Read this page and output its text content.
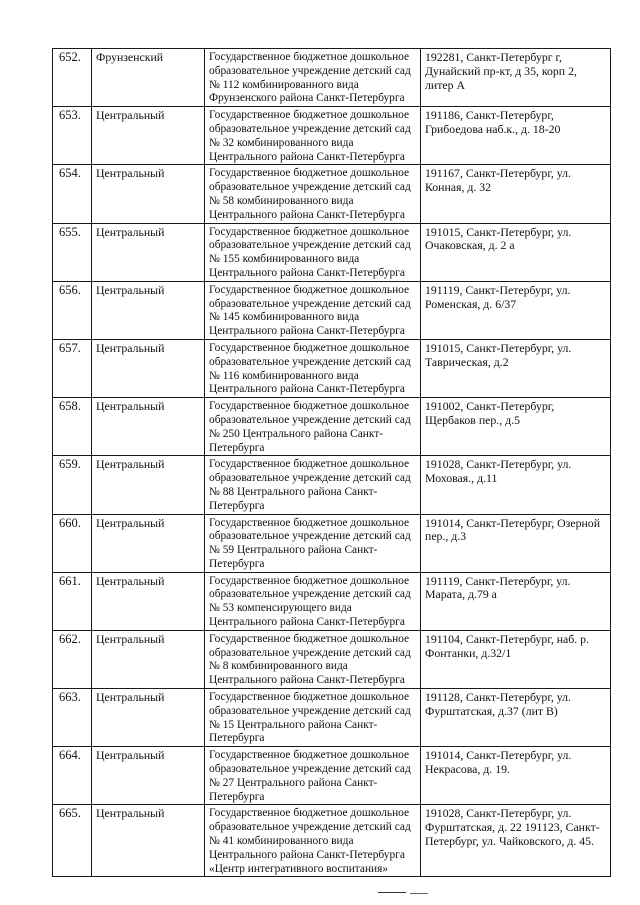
652.	Фрунзенский	Государственное бюджетное дошкольное образовательное учреждение детский сад № 112 комбинированного вида Фрунзенского района Санкт-Петербурга	192281, Санкт-Петербург г, Дунайский пр-кт, д 35, корп 2, литер А
653.	Центральный	Государственное бюджетное дошкольное образовательное учреждение детский сад № 32 комбинированного вида Центрального района Санкт-Петербурга	191186, Санкт-Петербург, Грибоедова наб.к., д. 18-20
654.	Центральный	Государственное бюджетное дошкольное образовательное учреждение детский сад № 58 комбинированного вида Центрального района Санкт-Петербурга	191167, Санкт-Петербург, ул. Конная, д. 32
655.	Центральный	Государственное бюджетное дошкольное образовательное учреждение детский сад № 155 комбинированного вида Центрального района Санкт-Петербурга	191015, Санкт-Петербург, ул. Очаковская, д. 2 а
656.	Центральный	Государственное бюджетное дошкольное образовательное учреждение детский сад № 145 комбинированного вида Центрального района Санкт-Петербурга	191119, Санкт-Петербург, ул. Роменская, д. 6/37
657.	Центральный	Государственное бюджетное дошкольное образовательное учреждение детский сад № 116 комбинированного вида Центрального района Санкт-Петербурга	191015, Санкт-Петербург, ул. Таврическая, д.2
658.	Центральный	Государственное бюджетное дошкольное образовательное учреждение детский сад № 250 Центрального района Санкт-Петербурга	191002, Санкт-Петербург, Щербаков пер., д.5
659.	Центральный	Государственное бюджетное дошкольное образовательное учреждение детский сад № 88 Центрального района Санкт-Петербурга	191028, Санкт-Петербург, ул. Моховая., д.11
660.	Центральный	Государственное бюджетное дошкольное образовательное учреждение детский сад № 59 Центрального района Санкт-Петербурга	191014, Санкт-Петербург, Озерной пер., д.3
661.	Центральный	Государственное бюджетное дошкольное образовательное учреждение детский сад № 53 компенсирующего вида Центрального района Санкт-Петербурга	191119, Санкт-Петербург, ул. Марата, д.79 а
662.	Центральный	Государственное бюджетное дошкольное образовательное учреждение детский сад № 8 комбинированного вида Центрального района Санкт-Петербурга	191104, Санкт-Петербург, наб. р. Фонтанки, д.32/1
663.	Центральный	Государственное бюджетное дошкольное образовательное учреждение детский сад № 15 Центрального района Санкт-Петербурга	191128, Санкт-Петербург, ул. Фурштатская, д.37 (лит В)
664.	Центральный	Государственное бюджетное дошкольное образовательное учреждение детский сад № 27 Центрального района Санкт-Петербурга	191014, Санкт-Петербург, ул. Некрасова, д. 19.
665.	Центральный	Государственное бюджетное дошкольное образовательное учреждение детский сад № 41 комбинированного вида Центрального района Санкт-Петербурга «Центр интегративного воспитания»	191028, Санкт-Петербург, ул. Фурштатская, д. 22 191123, Санкт-Петербург, ул. Чайковского, д. 45.
